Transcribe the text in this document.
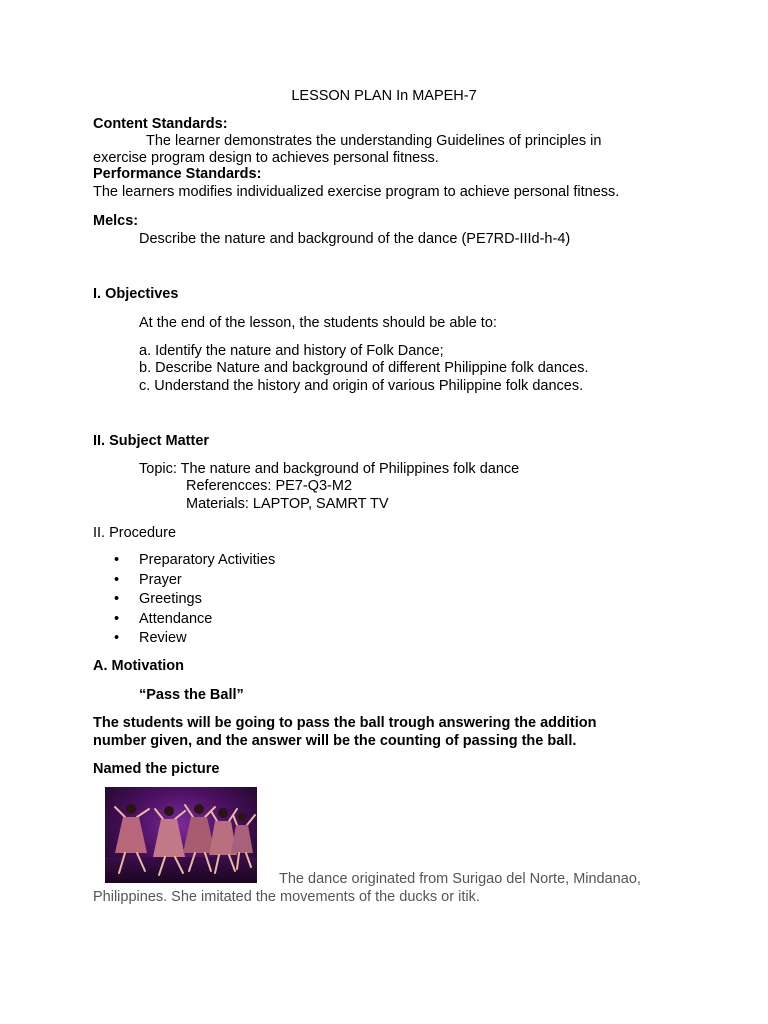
LESSON PLAN In MAPEH-7
Content Standards:
The learner demonstrates the understanding Guidelines of principles in
exercise program design to achieves personal fitness.
Performance Standards:
The learners modifies individualized exercise program to achieve personal fitness.
Melcs:
Describe the nature and background of the dance (PE7RD-IIId-h-4)
I. Objectives
At the end of the lesson, the students should be able to:
a. Identify the nature and history of Folk Dance;
b. Describe Nature and background of different Philippine folk dances.
c. Understand the history and origin of various Philippine folk dances.
II. Subject Matter
Topic: The nature and background of Philippines folk dance
Referencces: PE7-Q3-M2
Materials: LAPTOP, SAMRT TV
II. Procedure
• Preparatory Activities
• Prayer
• Greetings
• Attendance
• Review
A. Motivation
“Pass the Ball”
The students will be going to pass the ball trough answering the addition
number given, and the answer will be the counting of passing the ball.
Named the picture
The dance originated from Surigao del Norte, Mindanao,
Philippines. She imitated the movements of the ducks or itik.
